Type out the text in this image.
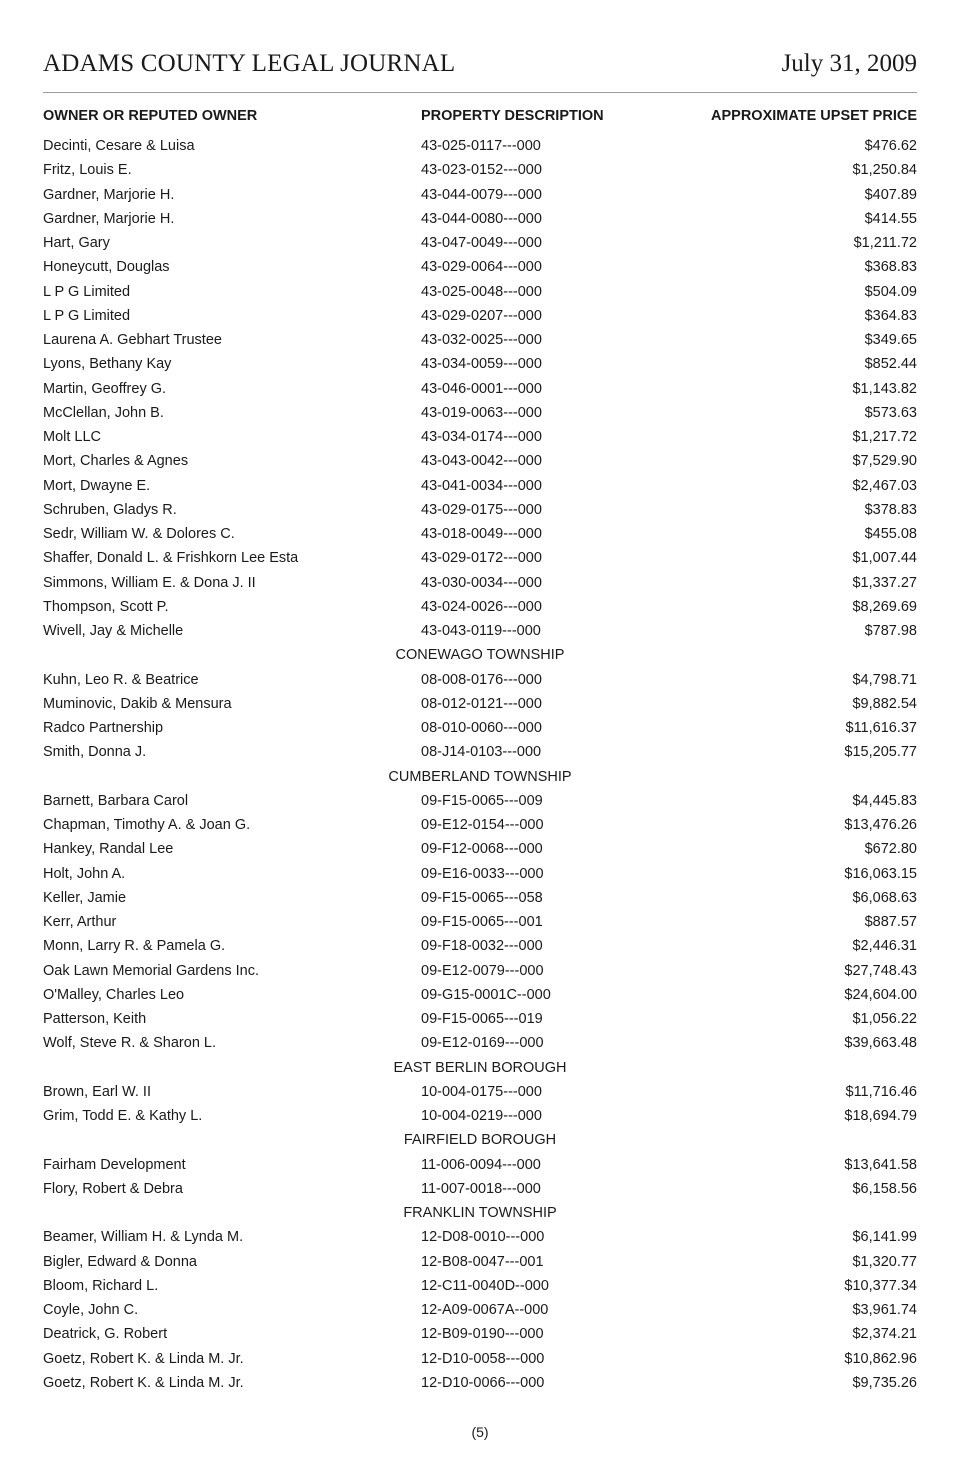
ADAMS COUNTY LEGAL JOURNAL	July 31, 2009
OWNER OR REPUTED OWNER	PROPERTY DESCRIPTION	APPROXIMATE UPSET PRICE
Decinti, Cesare & Luisa	43-025-0117---000	$476.62
Fritz, Louis E.	43-023-0152---000	$1,250.84
Gardner, Marjorie H.	43-044-0079---000	$407.89
Gardner, Marjorie H.	43-044-0080---000	$414.55
Hart, Gary	43-047-0049---000	$1,211.72
Honeycutt, Douglas	43-029-0064---000	$368.83
L P G Limited	43-025-0048---000	$504.09
L P G Limited	43-029-0207---000	$364.83
Laurena A. Gebhart Trustee	43-032-0025---000	$349.65
Lyons, Bethany Kay	43-034-0059---000	$852.44
Martin, Geoffrey G.	43-046-0001---000	$1,143.82
McClellan, John B.	43-019-0063---000	$573.63
Molt LLC	43-034-0174---000	$1,217.72
Mort, Charles & Agnes	43-043-0042---000	$7,529.90
Mort, Dwayne E.	43-041-0034---000	$2,467.03
Schruben, Gladys R.	43-029-0175---000	$378.83
Sedr, William W. & Dolores C.	43-018-0049---000	$455.08
Shaffer, Donald L. & Frishkorn Lee Esta	43-029-0172---000	$1,007.44
Simmons, William E. & Dona J. II	43-030-0034---000	$1,337.27
Thompson, Scott P.	43-024-0026---000	$8,269.69
Wivell, Jay & Michelle	43-043-0119---000	$787.98
CONEWAGO TOWNSHIP
Kuhn, Leo R. & Beatrice	08-008-0176---000	$4,798.71
Muminovic, Dakib & Mensura	08-012-0121---000	$9,882.54
Radco Partnership	08-010-0060---000	$11,616.37
Smith, Donna J.	08-J14-0103---000	$15,205.77
CUMBERLAND TOWNSHIP
Barnett, Barbara Carol	09-F15-0065---009	$4,445.83
Chapman, Timothy A. & Joan G.	09-E12-0154---000	$13,476.26
Hankey, Randal Lee	09-F12-0068---000	$672.80
Holt, John A.	09-E16-0033---000	$16,063.15
Keller, Jamie	09-F15-0065---058	$6,068.63
Kerr, Arthur	09-F15-0065---001	$887.57
Monn, Larry R. & Pamela G.	09-F18-0032---000	$2,446.31
Oak Lawn Memorial Gardens Inc.	09-E12-0079---000	$27,748.43
O'Malley, Charles Leo	09-G15-0001C--000	$24,604.00
Patterson, Keith	09-F15-0065---019	$1,056.22
Wolf, Steve R. & Sharon L.	09-E12-0169---000	$39,663.48
EAST BERLIN BOROUGH
Brown, Earl W. II	10-004-0175---000	$11,716.46
Grim, Todd E. & Kathy L.	10-004-0219---000	$18,694.79
FAIRFIELD BOROUGH
Fairham Development	11-006-0094---000	$13,641.58
Flory, Robert & Debra	11-007-0018---000	$6,158.56
FRANKLIN TOWNSHIP
Beamer, William H. & Lynda M.	12-D08-0010---000	$6,141.99
Bigler, Edward & Donna	12-B08-0047---001	$1,320.77
Bloom, Richard L.	12-C11-0040D--000	$10,377.34
Coyle, John C.	12-A09-0067A--000	$3,961.74
Deatrick, G. Robert	12-B09-0190---000	$2,374.21
Goetz, Robert K. & Linda M. Jr.	12-D10-0058---000	$10,862.96
Goetz, Robert K. & Linda M. Jr.	12-D10-0066---000	$9,735.26
(5)
